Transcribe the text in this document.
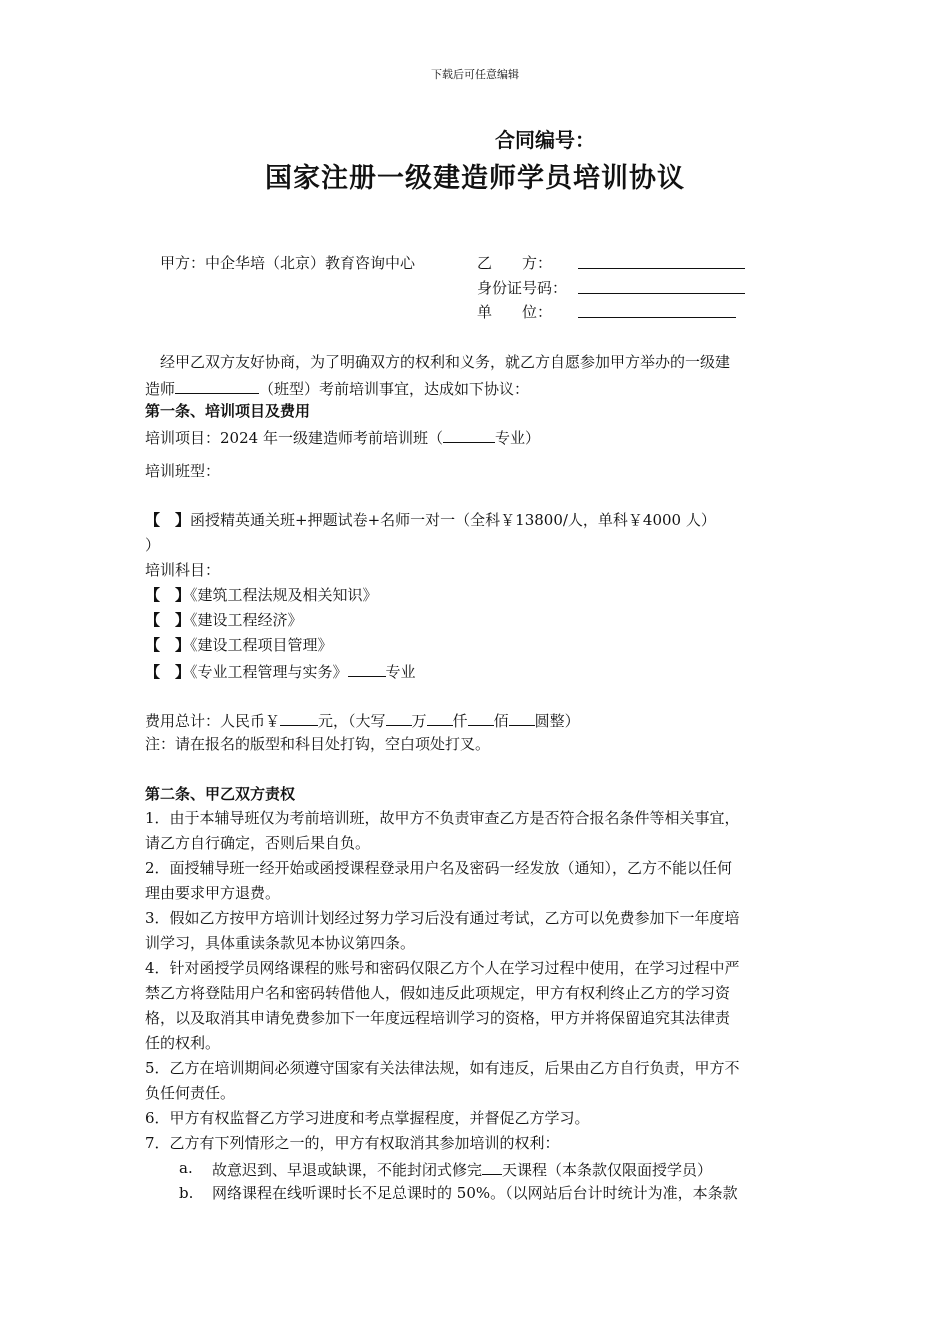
下载后可任意编辑
合同编号：
国家注册一级建造师学员培训协议
甲方：中企华培（北京）教育咨询中心	乙　　方：
身份证号码：
单　　位：
经甲乙双方友好协商，为了明确双方的权利和义务，就乙方自愿参加甲方举办的一级建
造师	（班型）考前培训事宜，达成如下协议：
第一条、培训项目及费用
培训项目：2024 年一级建造师考前培训班（	专业）
培训班型：
【　】函授精英通关班+押题试卷+名师一对一（全科￥13800/人，单科￥4000 人）
）
培训科目：
【　】《建筑工程法规及相关知识》
【　】《建设工程经济》
【　】《建设工程项目管理》
【　】《专业工程管理与实务》	专业
费用总计：人民币￥	元，（大写 万 仟 佰 圆整）
注：请在报名的版型和科目处打钩，空白项处打叉。
第二条、甲乙双方责权
1．由于本辅导班仅为考前培训班，故甲方不负责审查乙方是否符合报名条件等相关事宜，
请乙方自行确定，否则后果自负。
2．面授辅导班一经开始或函授课程登录用户名及密码一经发放（通知），乙方不能以任何
理由要求甲方退费。
3．假如乙方按甲方培训计划经过努力学习后没有通过考试，乙方可以免费参加下一年度培
训学习，具体重读条款见本协议第四条。
4．针对函授学员网络课程的账号和密码仅限乙方个人在学习过程中使用，在学习过程中严
禁乙方将登陆用户名和密码转借他人，假如违反此项规定，甲方有权利终止乙方的学习资
格，以及取消其申请免费参加下一年度远程培训学习的资格，甲方并将保留追究其法律责
任的权利。
5．乙方在培训期间必须遵守国家有关法律法规，如有违反，后果由乙方自行负责，甲方不
负任何责任。
6．甲方有权监督乙方学习进度和考点掌握程度，并督促乙方学习。
7．乙方有下列情形之一的，甲方有权取消其参加培训的权利：
a. 故意迟到、早退或缺课，不能封闭式修完 天课程（本条款仅限面授学员）
b. 网络课程在线听课时长不足总课时的 50%。（以网站后台计时统计为准，本条款
